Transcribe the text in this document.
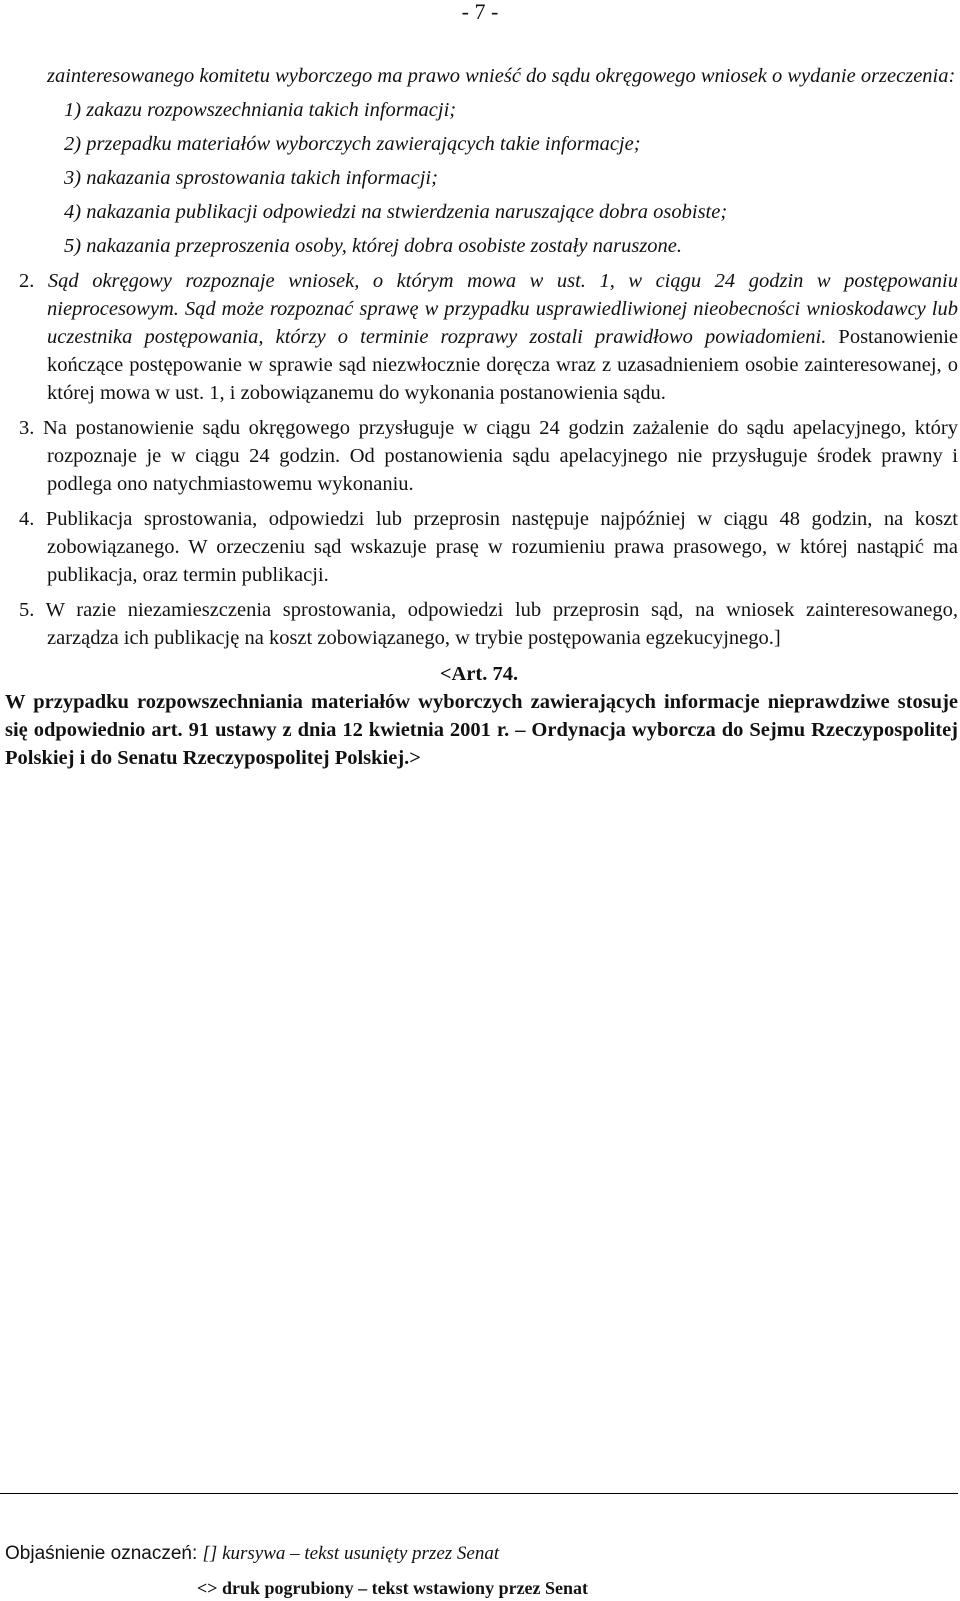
- 7 -

zainteresowanego komitetu wyborczego ma prawo wnieść do sądu okręgowego wniosek o wydanie orzeczenia:

1) zakazu rozpowszechniania takich informacji;
2) przepadku materiałów wyborczych zawierających takie informacje;
3) nakazania sprostowania takich informacji;
4) nakazania publikacji odpowiedzi na stwierdzenia naruszające dobra osobiste;
5) nakazania przeproszenia osoby, której dobra osobiste zostały naruszone.

2. Sąd okręgowy rozpoznaje wniosek, o którym mowa w ust. 1, w ciągu 24 godzin w postępowaniu nieprocesowym. Sąd może rozpoznać sprawę w przypadku usprawiedliwionej nieobecności wnioskodawcy lub uczestnika postępowania, którzy o terminie rozprawy zostali prawidłowo powiadomieni. Postanowienie kończące postępowanie w sprawie sąd niezwłocznie doręcza wraz z uzasadnieniem osobie zainteresowanej, o której mowa w ust. 1, i zobowiązanemu do wykonania postanowienia sądu.

3. Na postanowienie sądu okręgowego przysługuje w ciągu 24 godzin zażalenie do sądu apelacyjnego, który rozpoznaje je w ciągu 24 godzin. Od postanowienia sądu apelacyjnego nie przysługuje środek prawny i podlega ono natychmiastowemu wykonaniu.

4. Publikacja sprostowania, odpowiedzi lub przeprosin następuje najpóźniej w ciągu 48 godzin, na koszt zobowiązanego. W orzeczeniu sąd wskazuje prasę w rozumieniu prawa prasowego, w której nastąpić ma publikacja, oraz termin publikacji.

5. W razie niezamieszczenia sprostowania, odpowiedzi lub przeprosin sąd, na wniosek zainteresowanego, zarządza ich publikację na koszt zobowiązanego, w trybie postępowania egzekucyjnego.]

<Art. 74.

W przypadku rozpowszechniania materiałów wyborczych zawierających informacje nieprawdziwe stosuje się odpowiednio art. 91 ustawy z dnia 12 kwietnia 2001 r. – Ordynacja wyborcza do Sejmu Rzeczypospolitej Polskiej i do Senatu Rzeczypospolitej Polskiej.>

Objaśnienie oznaczeń: [] kursywa – tekst usunięty przez Senat
<> druk pogrubiony – tekst wstawiony przez Senat
